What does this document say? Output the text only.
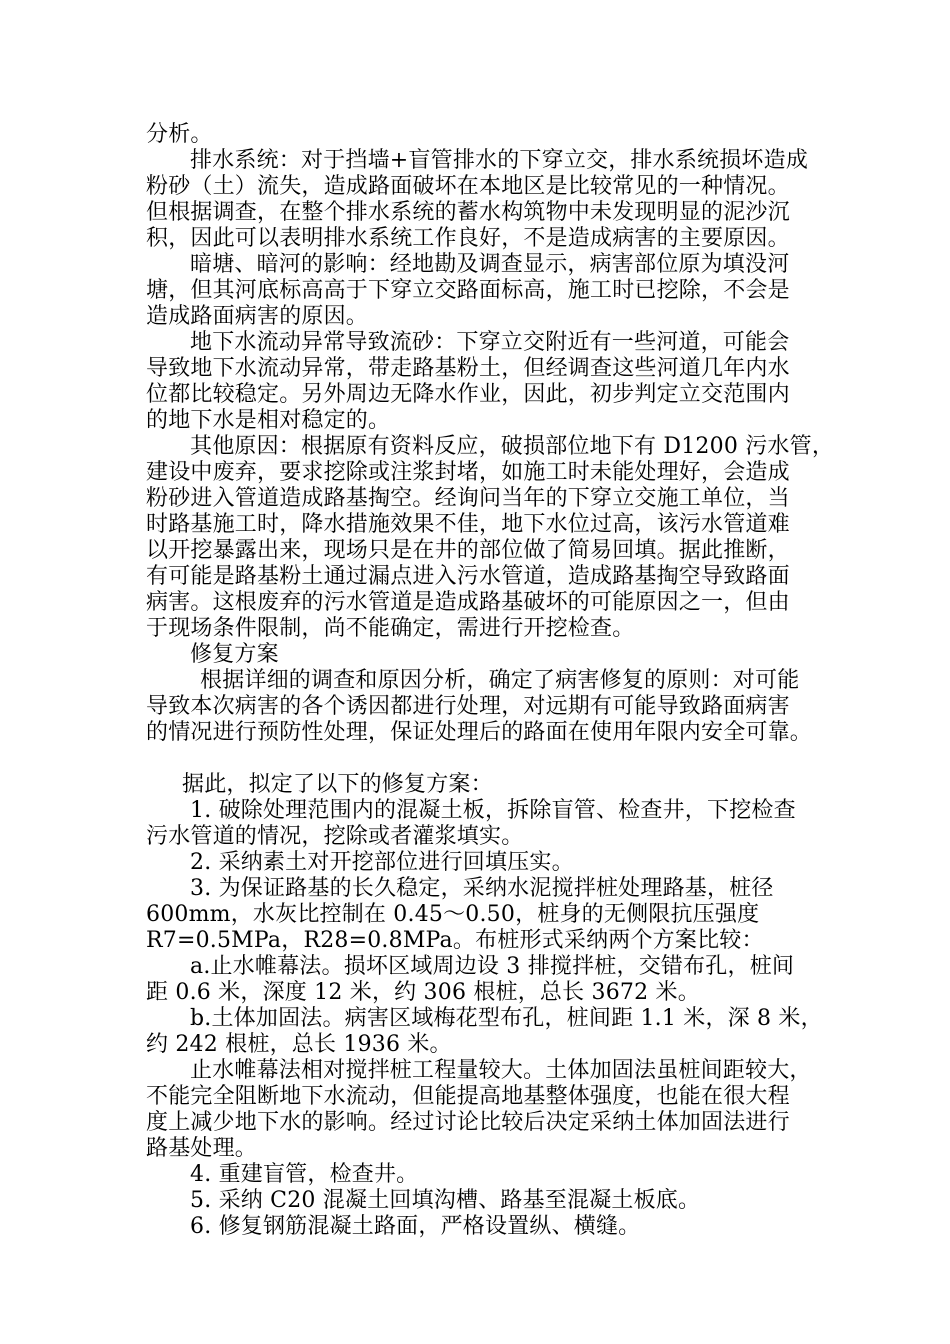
分析。

排水系统：对于挡墙+盲管排水的下穿立交，排水系统损坏造成

粉砂（土）流失，造成路面破坏在本地区是比较常见的一种情况。

但根据调查，在整个排水系统的蓄水构筑物中未发现明显的泥沙沉

积，因此可以表明排水系统工作良好，不是造成病害的主要原因。

暗塘、暗河的影响：经地勘及调查显示，病害部位原为填没河

塘，但其河底标高高于下穿立交路面标高，施工时已挖除，不会是

造成路面病害的原因。

地下水流动异常导致流砂：下穿立交附近有一些河道，可能会

导致地下水流动异常，带走路基粉土，但经调查这些河道几年内水

位都比较稳定。另外周边无降水作业，因此，初步判定立交范围内

的地下水是相对稳定的。

其他原因：根据原有资料反应，破损部位地下有 D1200 污水管，

建设中废弃，要求挖除或注浆封堵，如施工时未能处理好，会造成

粉砂进入管道造成路基掏空。经询问当年的下穿立交施工单位，当

时路基施工时，降水措施效果不佳，地下水位过高，该污水管道难

以开挖暴露出来，现场只是在井的部位做了简易回填。据此推断，

有可能是路基粉土通过漏点进入污水管道，造成路基掏空导致路面

病害。这根废弃的污水管道是造成路基破坏的可能原因之一，但由

于现场条件限制，尚不能确定，需进行开挖检查。

修复方案

根据详细的调查和原因分析，确定了病害修复的原则：对可能

导致本次病害的各个诱因都进行处理，对远期有可能导致路面病害

的情况进行预防性处理，保证处理后的路面在使用年限内安全可靠。

据此，拟定了以下的修复方案：

1. 破除处理范围内的混凝土板，拆除盲管、检查井，下挖检查

污水管道的情况，挖除或者灌浆填实。

2. 采纳素土对开挖部位进行回填压实。

3. 为保证路基的长久稳定，采纳水泥搅拌桩处理路基，桩径

600mm，水灰比控制在 0.45～0.50，桩身的无侧限抗压强度

R7=0.5MPa，R28=0.8MPa。布桩形式采纳两个方案比较：

a.止水帷幕法。损坏区域周边设 3 排搅拌桩，交错布孔，桩间

距 0.6 米，深度 12 米，约 306 根桩，总长 3672 米。

b.土体加固法。病害区域梅花型布孔，桩间距 1.1 米，深 8 米，

约 242 根桩，总长 1936 米。

止水帷幕法相对搅拌桩工程量较大。土体加固法虽桩间距较大，

不能完全阻断地下水流动，但能提高地基整体强度，也能在很大程

度上减少地下水的影响。经过讨论比较后决定采纳土体加固法进行

路基处理。

4. 重建盲管，检查井。

5. 采纳 C20 混凝土回填沟槽、路基至混凝土板底。

6. 修复钢筋混凝土路面，严格设置纵、横缝。
